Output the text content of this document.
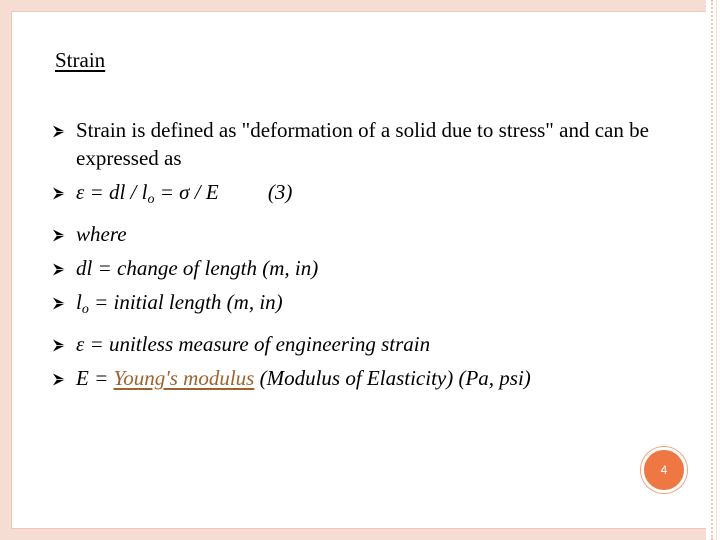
Strain
Strain is defined as "deformation of a solid due to stress" and can be expressed as
ε = dl / $l_o = \sigma / E$ (3)
where
dl = change of length (m, in)
$l_o$ = initial length (m, in)
ε = unitless measure of engineering strain
E = Young's modulus (Modulus of Elasticity) (Pa, psi)
4
